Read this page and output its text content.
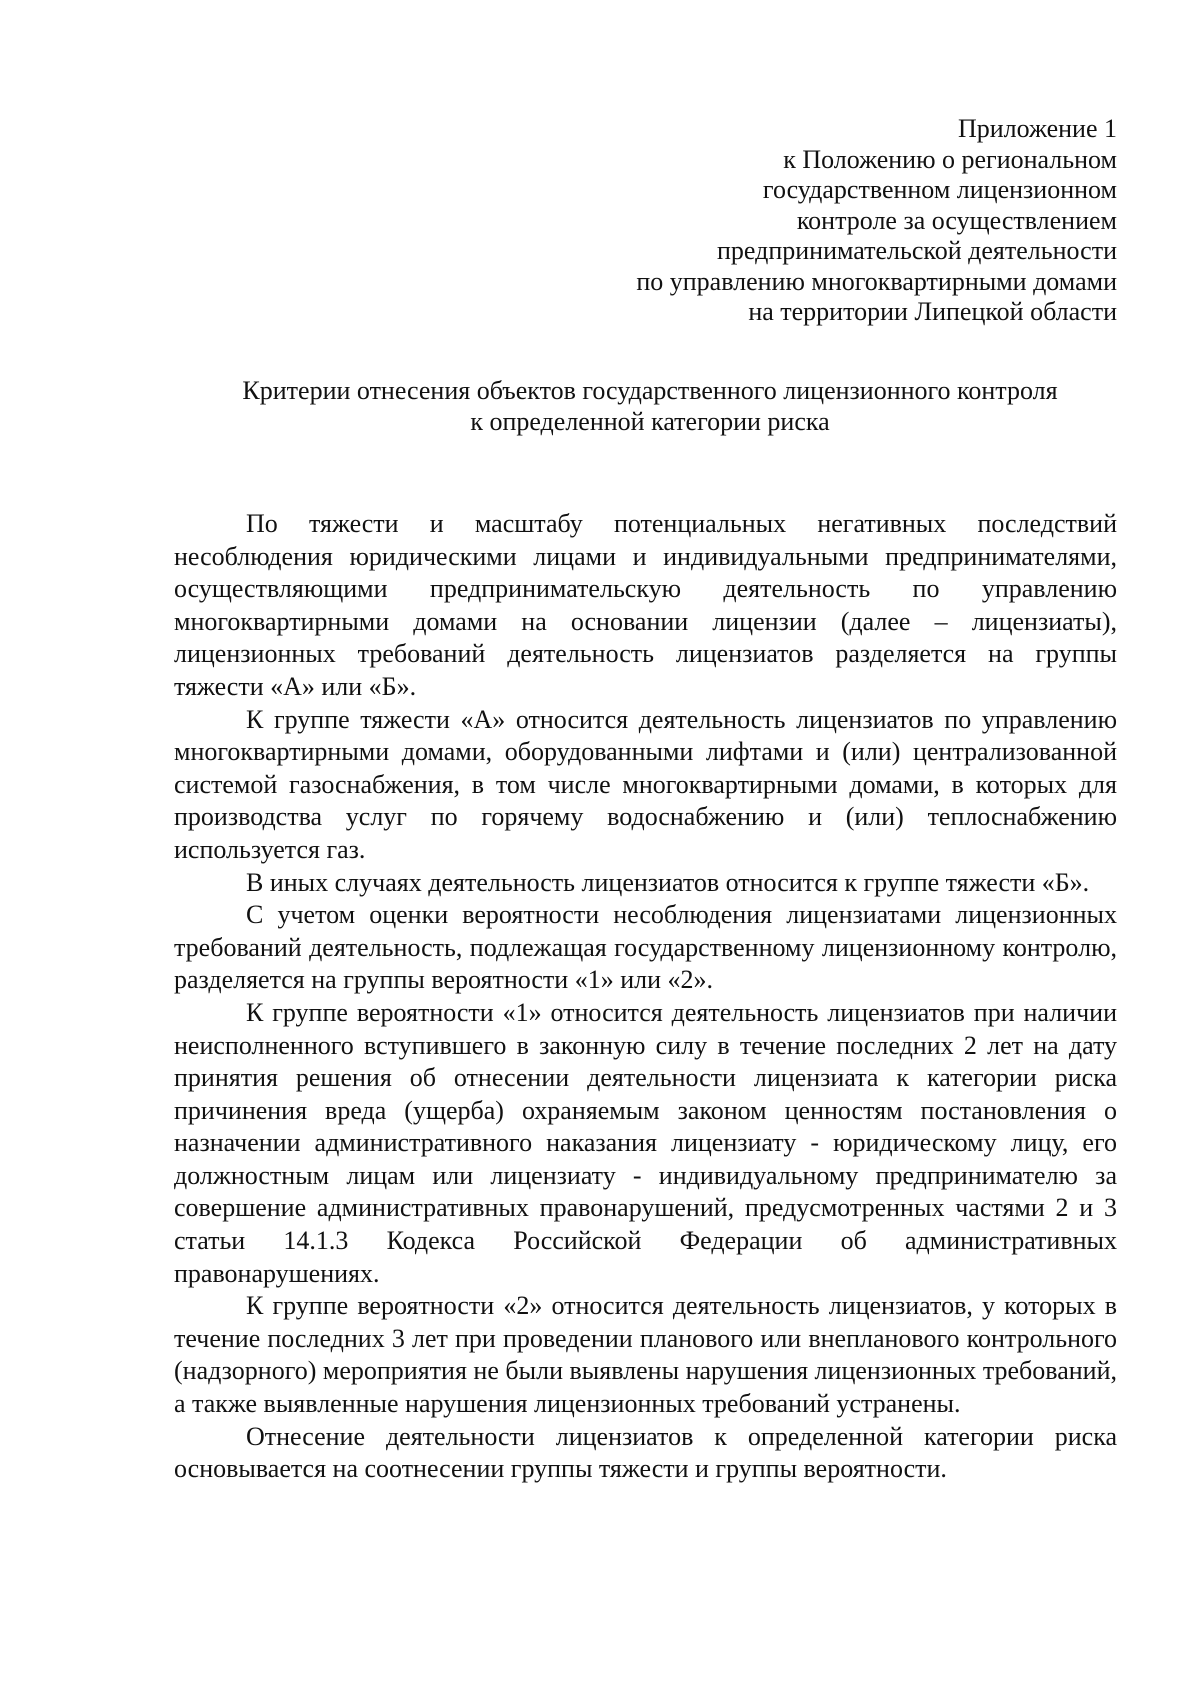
Приложение 1
к Положению о региональном
государственном лицензионном
контроле за осуществлением
предпринимательской деятельности
по управлению многоквартирными домами
на территории Липецкой области
Критерии отнесения объектов государственного лицензионного контроля
к определенной категории риска

По тяжести и масштабу потенциальных негативных последствий несоблюдения юридическими лицами и индивидуальными предпринимателями, осуществляющими предпринимательскую деятельность по управлению многоквартирными домами на основании лицензии (далее – лицензиаты), лицензионных требований деятельность лицензиатов разделяется на группы тяжести «А» или «Б».

К группе тяжести «А» относится деятельность лицензиатов по управлению многоквартирными домами, оборудованными лифтами и (или) централизованной системой газоснабжения, в том числе многоквартирными домами, в которых для производства услуг по горячему водоснабжению и (или) теплоснабжению используется газ.

В иных случаях деятельность лицензиатов относится к группе тяжести «Б».

С учетом оценки вероятности несоблюдения лицензиатами лицензионных требований деятельность, подлежащая государственному лицензионному контролю, разделяется на группы вероятности «1» или «2».

К группе вероятности «1» относится деятельность лицензиатов при наличии неисполненного вступившего в законную силу в течение последних 2 лет на дату принятия решения об отнесении деятельности лицензиата к категории риска причинения вреда (ущерба) охраняемым законом ценностям постановления о назначении административного наказания лицензиату - юридическому лицу, его должностным лицам или лицензиату - индивидуальному предпринимателю за совершение административных правонарушений, предусмотренных частями 2 и 3 статьи 14.1.3 Кодекса Российской Федерации об административных правонарушениях.

К группе вероятности «2» относится деятельность лицензиатов, у которых в течение последних 3 лет при проведении планового или внепланового контрольного (надзорного) мероприятия не были выявлены нарушения лицензионных требований, а также выявленные нарушения лицензионных требований устранены.

Отнесение деятельности лицензиатов к определенной категории риска основывается на соотнесении группы тяжести и группы вероятности.
